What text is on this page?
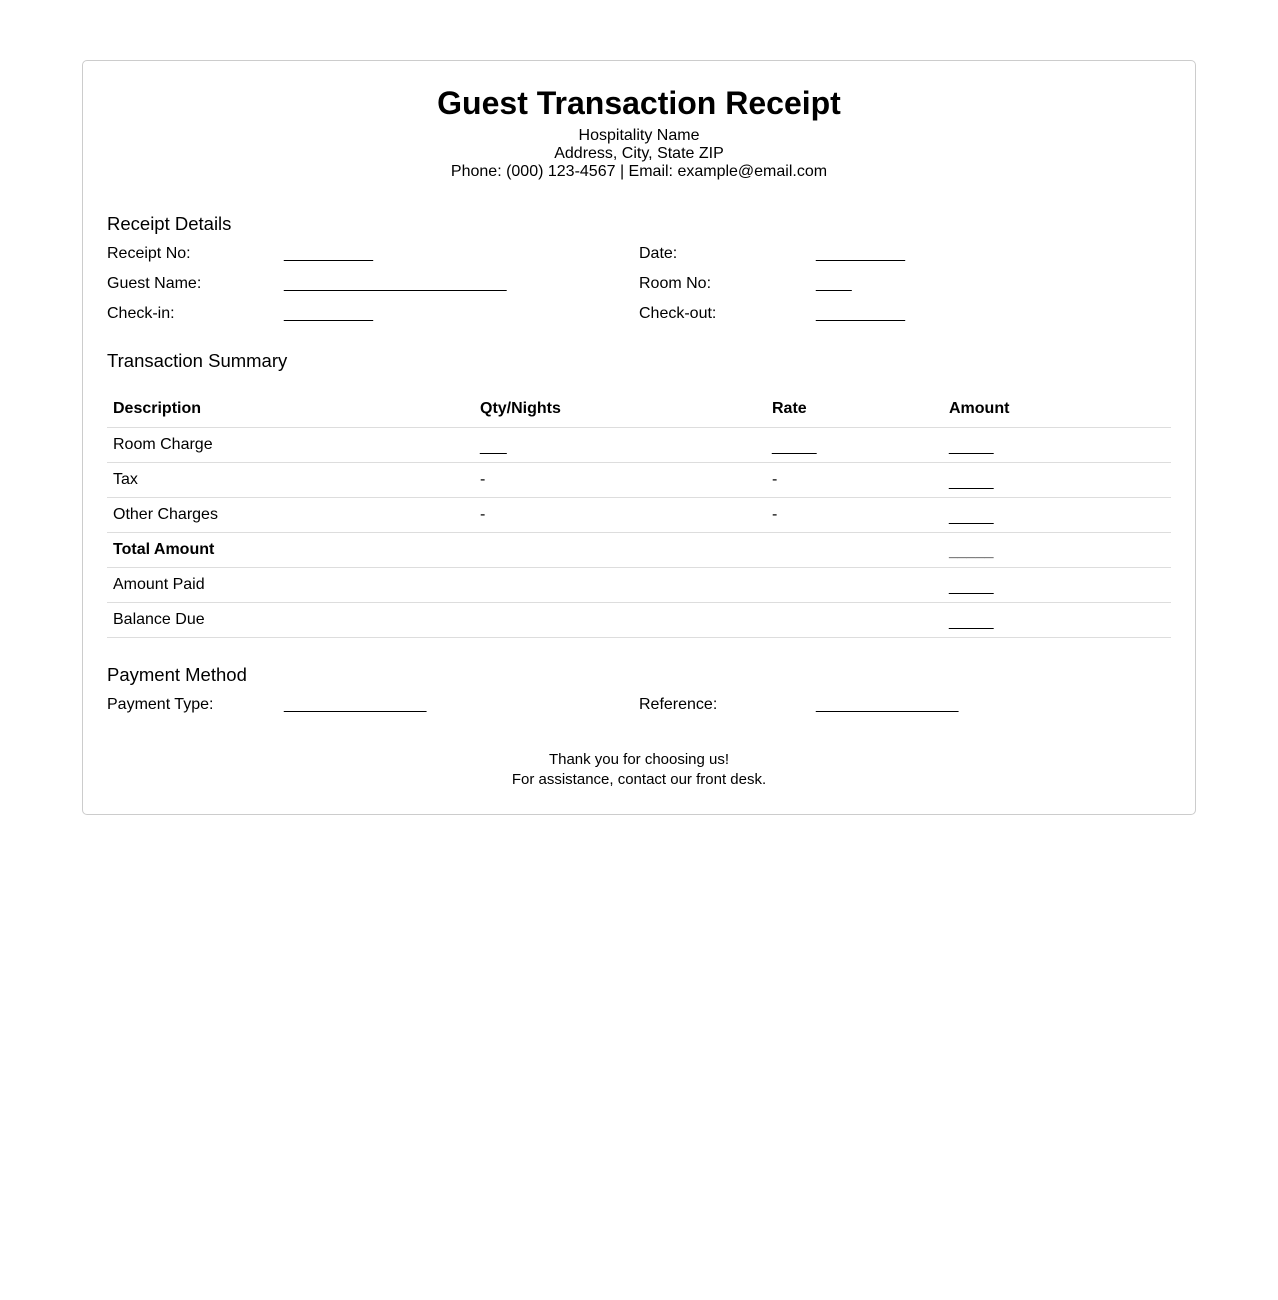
Guest Transaction Receipt
Hospitality Name
Address, City, State ZIP
Phone: (000) 123-4567 | Email: example@email.com
Receipt Details
Receipt No:	__________	Date:	__________
Guest Name:	_________________________	Room No:	____
Check-in:	__________	Check-out:	__________
Transaction Summary
Description	Qty/Nights	Rate	Amount
Room Charge	___	_____	_____
Tax	-	-	_____
Other Charges	-	-	_____
Total Amount			_____
Amount Paid			_____
Balance Due			_____
Payment Method
Payment Type:	________________	Reference:	________________
Thank you for choosing us!
For assistance, contact our front desk.
